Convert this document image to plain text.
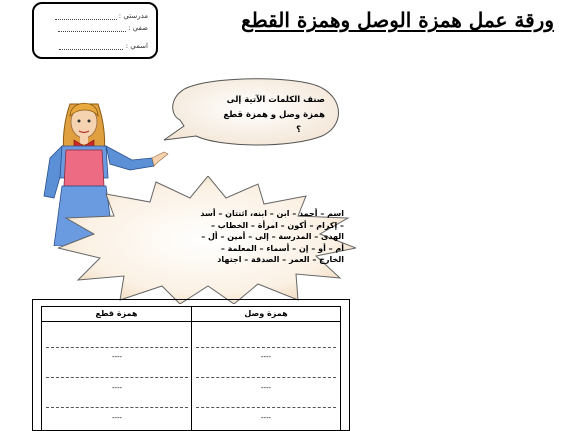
مدرستي :
صفي :
اسمي :
ورقة عمل همزة الوصل وهمزة القطع
صنف الكلمات الآتية إلى
همزة وصل و همزة قطع
؟
اسم – أحمد – ابن – ابنه، اثنتان – أسد
– إكرام – أكون – امرأة – الخطاب –
الهدى – المدرسة – إلى – أمين – أل –
أم – أو – إن – أسماء – المعلمة –
الخارج – العمر – الصدقة – اجتهاد
همزة قطع	همزة وصل
----	----
----	----
----	----
